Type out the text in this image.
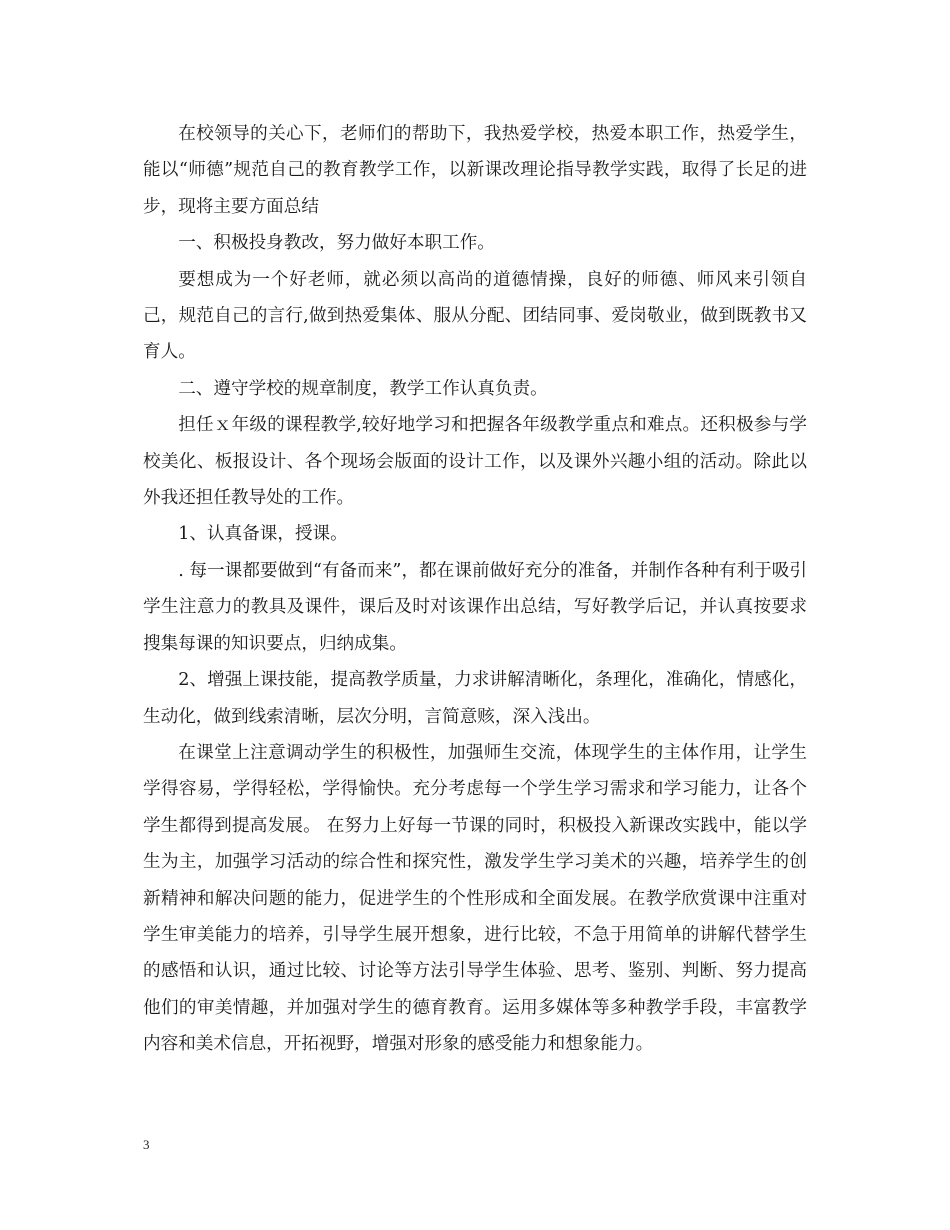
在校领导的关心下，老师们的帮助下，我热爱学校，热爱本职工作，热爱学生，能以“师德”规范自己的教育教学工作，以新课改理论指导教学实践，取得了长足的进步，现将主要方面总结

一、积极投身教改，努力做好本职工作。

要想成为一个好老师，就必须以高尚的道德情操，良好的师德、师风来引领自己，规范自己的言行,做到热爱集体、服从分配、团结同事、爱岗敬业，做到既教书又育人。

二、遵守学校的规章制度，教学工作认真负责。

担任ｘ年级的课程教学,较好地学习和把握各年级教学重点和难点。还积极参与学校美化、板报设计、各个现场会版面的设计工作，以及课外兴趣小组的活动。除此以外我还担任教导处的工作。

1、认真备课，授课。

. 每一课都要做到“有备而来”，都在课前做好充分的准备，并制作各种有利于吸引学生注意力的教具及课件，课后及时对该课作出总结，写好教学后记，并认真按要求搜集每课的知识要点，归纳成集。

2、增强上课技能，提高教学质量，力求讲解清晰化，条理化，准确化，情感化，生动化，做到线索清晰，层次分明，言简意赅，深入浅出。

在课堂上注意调动学生的积极性，加强师生交流，体现学生的主体作用，让学生学得容易，学得轻松，学得愉快。充分考虑每一个学生学习需求和学习能力，让各个学生都得到提高发展。 在努力上好每一节课的同时，积极投入新课改实践中，能以学生为主，加强学习活动的综合性和探究性，激发学生学习美术的兴趣，培养学生的创新精神和解决问题的能力，促进学生的个性形成和全面发展。在教学欣赏课中注重对学生审美能力的培养，引导学生展开想象，进行比较，不急于用简单的讲解代替学生的感悟和认识，通过比较、讨论等方法引导学生体验、思考、鉴别、判断、努力提高他们的审美情趣，并加强对学生的德育教育。运用多媒体等多种教学手段，丰富教学内容和美术信息，开拓视野，增强对形象的感受能力和想象能力。

3
